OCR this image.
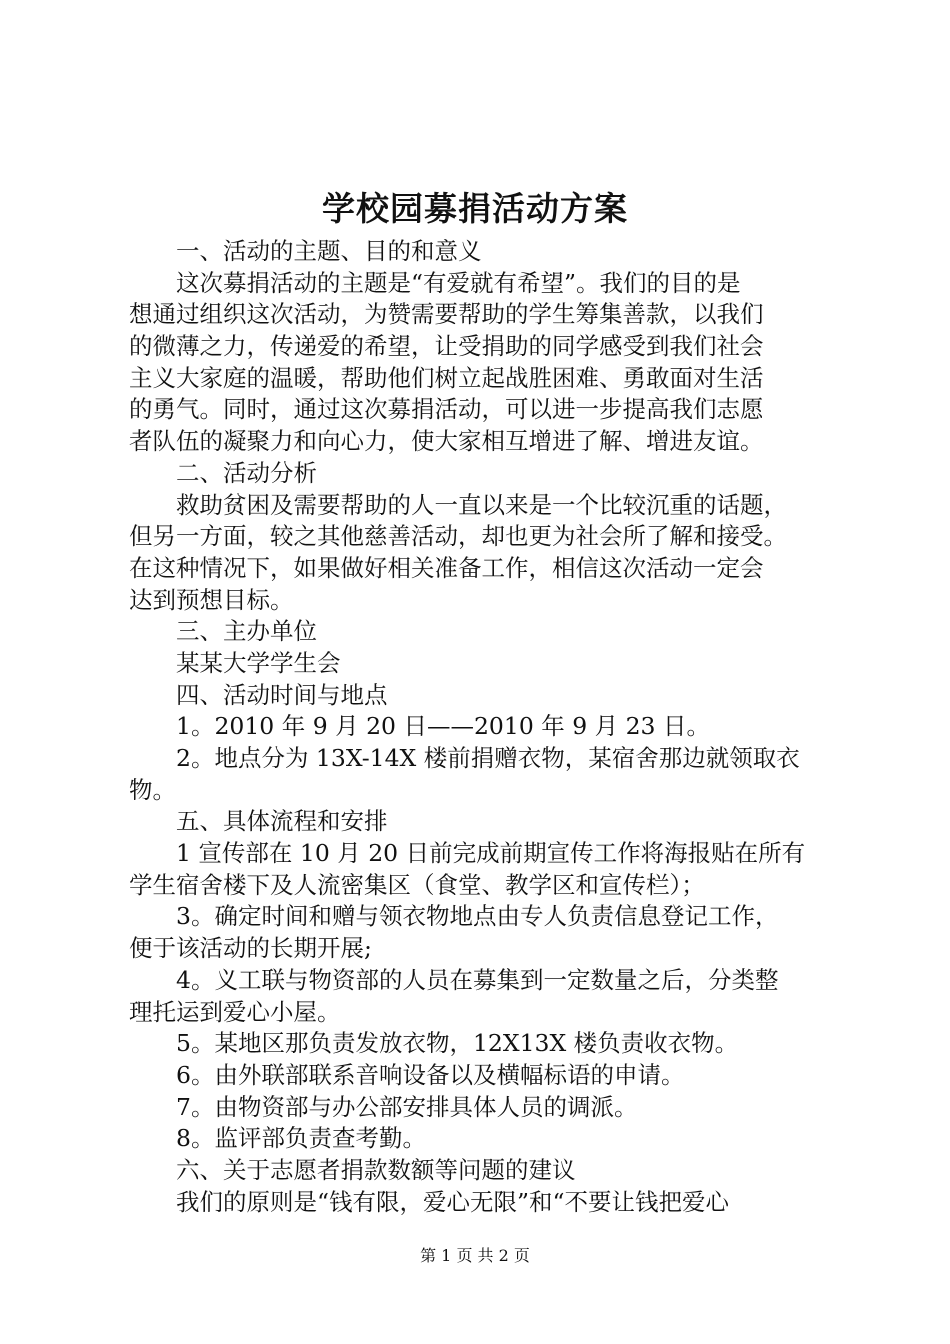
学校园募捐活动方案
一、活动的主题、目的和意义
这次募捐活动的主题是“有爱就有希望”。我们的目的是
想通过组织这次活动，为赞需要帮助的学生筹集善款，以我们
的微薄之力，传递爱的希望，让受捐助的同学感受到我们社会
主义大家庭的温暖，帮助他们树立起战胜困难、勇敢面对生活
的勇气。同时，通过这次募捐活动，可以进一步提高我们志愿
者队伍的凝聚力和向心力，使大家相互增进了解、增进友谊。
二、活动分析
救助贫困及需要帮助的人一直以来是一个比较沉重的话题，
但另一方面，较之其他慈善活动，却也更为社会所了解和接受。
在这种情况下，如果做好相关准备工作，相信这次活动一定会
达到预想目标。
三、主办单位
某某大学学生会
四、活动时间与地点
1。2010 年 9 月 20 日——2010 年 9 月 23 日。
2。地点分为 13X-14X 楼前捐赠衣物，某宿舍那边就领取衣
物。
五、具体流程和安排
1 宣传部在 10 月 20 日前完成前期宣传工作将海报贴在所有
学生宿舍楼下及人流密集区（食堂、教学区和宣传栏）；
3。确定时间和赠与领衣物地点由专人负责信息登记工作，
便于该活动的长期开展;
4。义工联与物资部的人员在募集到一定数量之后，分类整
理托运到爱心小屋。
5。某地区那负责发放衣物，12X13X 楼负责收衣物。
6。由外联部联系音响设备以及横幅标语的申请。
7。由物资部与办公部安排具体人员的调派。
8。监评部负责查考勤。
六、关于志愿者捐款数额等问题的建议
我们的原则是“钱有限，爱心无限”和“不要让钱把爱心
第 1 页 共 2 页
